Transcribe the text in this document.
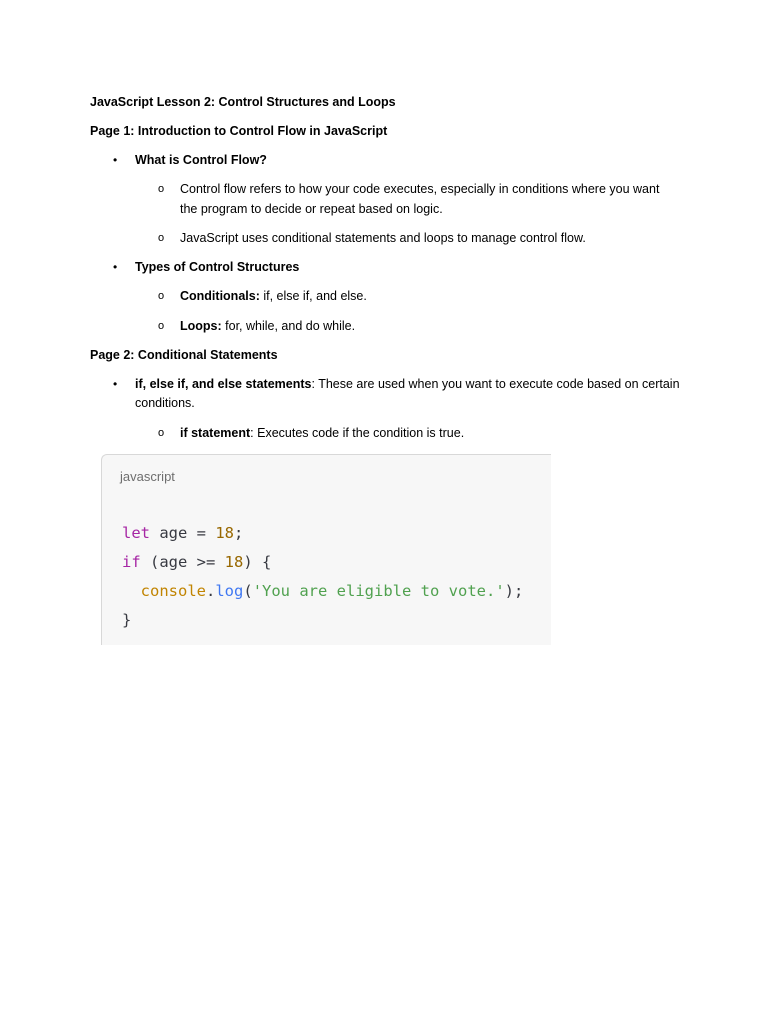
JavaScript Lesson 2: Control Structures and Loops
Page 1: Introduction to Control Flow in JavaScript
• What is Control Flow?
o Control flow refers to how your code executes, especially in conditions where you want
the program to decide or repeat based on logic.
o JavaScript uses conditional statements and loops to manage control flow.
• Types of Control Structures
o Conditionals: if, else if, and else.
o Loops: for, while, and do while.
Page 2: Conditional Statements
• if, else if, and else statements: These are used when you want to execute code based on certain
conditions.
o if statement: Executes code if the condition is true.
javascript
let age = 18;
if (age >= 18) {
console.log('You are eligible to vote.');
}
